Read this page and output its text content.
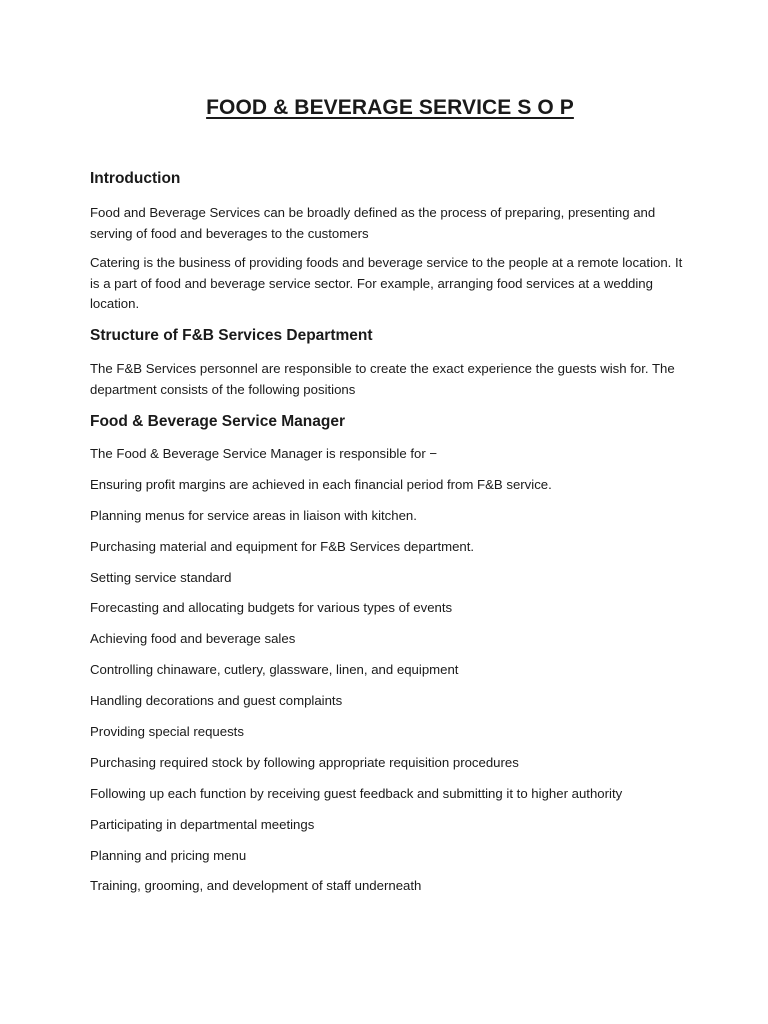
FOOD & BEVERAGE SERVICE S O P
Introduction

Food and Beverage Services can be broadly defined as the process of preparing, presenting and serving of food and beverages to the customers

Catering is the business of providing foods and beverage service to the people at a remote location. It is a part of food and beverage service sector. For example, arranging food services at a wedding location.

Structure of F&B Services Department

The F&B Services personnel are responsible to create the exact experience the guests wish for. The department consists of the following positions

Food & Beverage Service Manager
The Food & Beverage Service Manager is responsible for −
Ensuring profit margins are achieved in each financial period from F&B service.
Planning menus for service areas in liaison with kitchen.
Purchasing material and equipment for F&B Services department.
Setting service standard
Forecasting and allocating budgets for various types of events
Achieving food and beverage sales
Controlling chinaware, cutlery, glassware, linen, and equipment
Handling decorations and guest complaints
Providing special requests
Purchasing required stock by following appropriate requisition procedures
Following up each function by receiving guest feedback and submitting it to higher authority
Participating in departmental meetings
Planning and pricing menu
Training, grooming, and development of staff underneath
